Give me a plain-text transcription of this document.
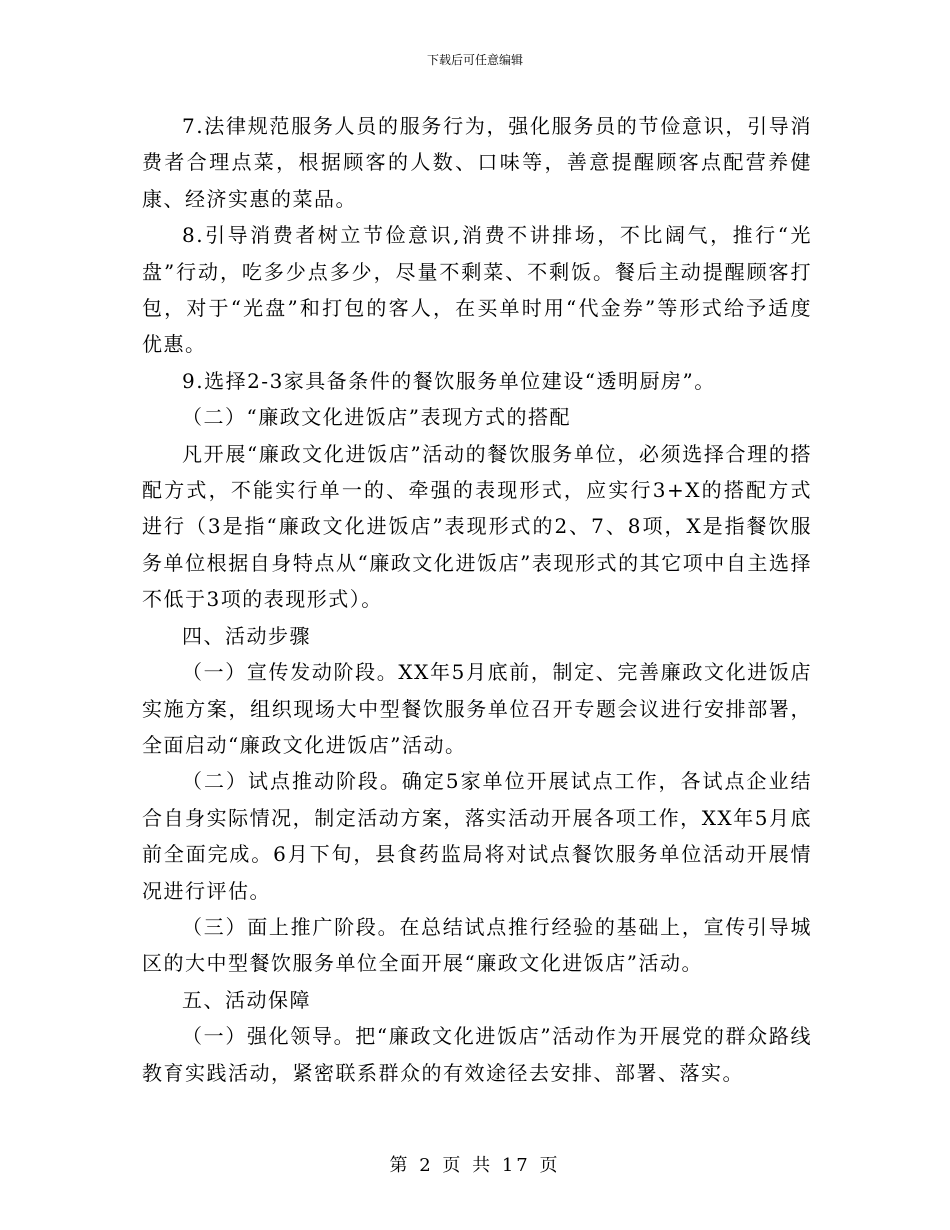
下载后可任意编辑

7.法律规范服务人员的服务行为，强化服务员的节俭意识，引导消费者合理点菜，根据顾客的人数、口味等，善意提醒顾客点配营养健康、经济实惠的菜品。

8.引导消费者树立节俭意识,消费不讲排场，不比阔气，推行“光盘”行动，吃多少点多少，尽量不剩菜、不剩饭。餐后主动提醒顾客打包，对于“光盘”和打包的客人，在买单时用“代金券”等形式给予适度优惠。

9.选择2-3家具备条件的餐饮服务单位建设“透明厨房”。

（二）“廉政文化进饭店”表现方式的搭配

凡开展“廉政文化进饭店”活动的餐饮服务单位，必须选择合理的搭配方式，不能实行单一的、牵强的表现形式，应实行3+X的搭配方式进行（3是指“廉政文化进饭店”表现形式的2、7、8项，X是指餐饮服务单位根据自身特点从“廉政文化进饭店”表现形式的其它项中自主选择不低于3项的表现形式）。

四、活动步骤

（一）宣传发动阶段。XX年5月底前，制定、完善廉政文化进饭店实施方案，组织现场大中型餐饮服务单位召开专题会议进行安排部署，全面启动“廉政文化进饭店”活动。

（二）试点推动阶段。确定5家单位开展试点工作，各试点企业结合自身实际情况，制定活动方案，落实活动开展各项工作，XX年5月底前全面完成。6月下旬，县食药监局将对试点餐饮服务单位活动开展情况进行评估。

（三）面上推广阶段。在总结试点推行经验的基础上，宣传引导城区的大中型餐饮服务单位全面开展“廉政文化进饭店”活动。

五、活动保障

（一）强化领导。把“廉政文化进饭店”活动作为开展党的群众路线教育实践活动，紧密联系群众的有效途径去安排、部署、落实。

第 2 页 共 17 页
